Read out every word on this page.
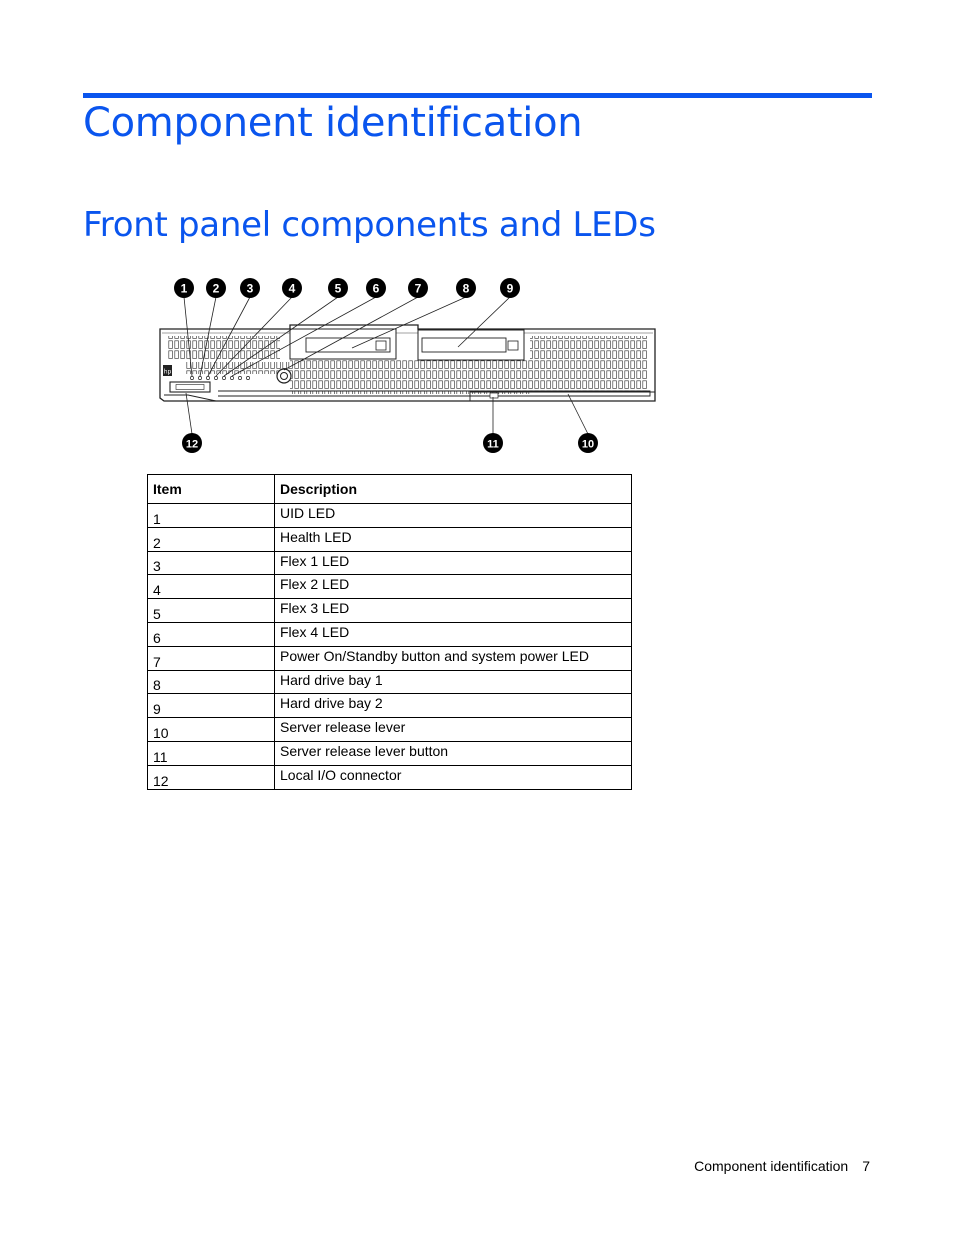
Component identification
Front panel components and LEDs
hp
1 2 3	4	5	6	7	8	9
12	11	10
Item	Description
1	UID LED
2	Health LED
3	Flex 1 LED
4	Flex 2 LED
5	Flex 3 LED
6	Flex 4 LED
7	Power On/Standby button and system power LED
8	Hard drive bay 1
9	Hard drive bay 2
10	Server release lever
11	Server release lever button
12	Local I/O connector
Component identification 7
